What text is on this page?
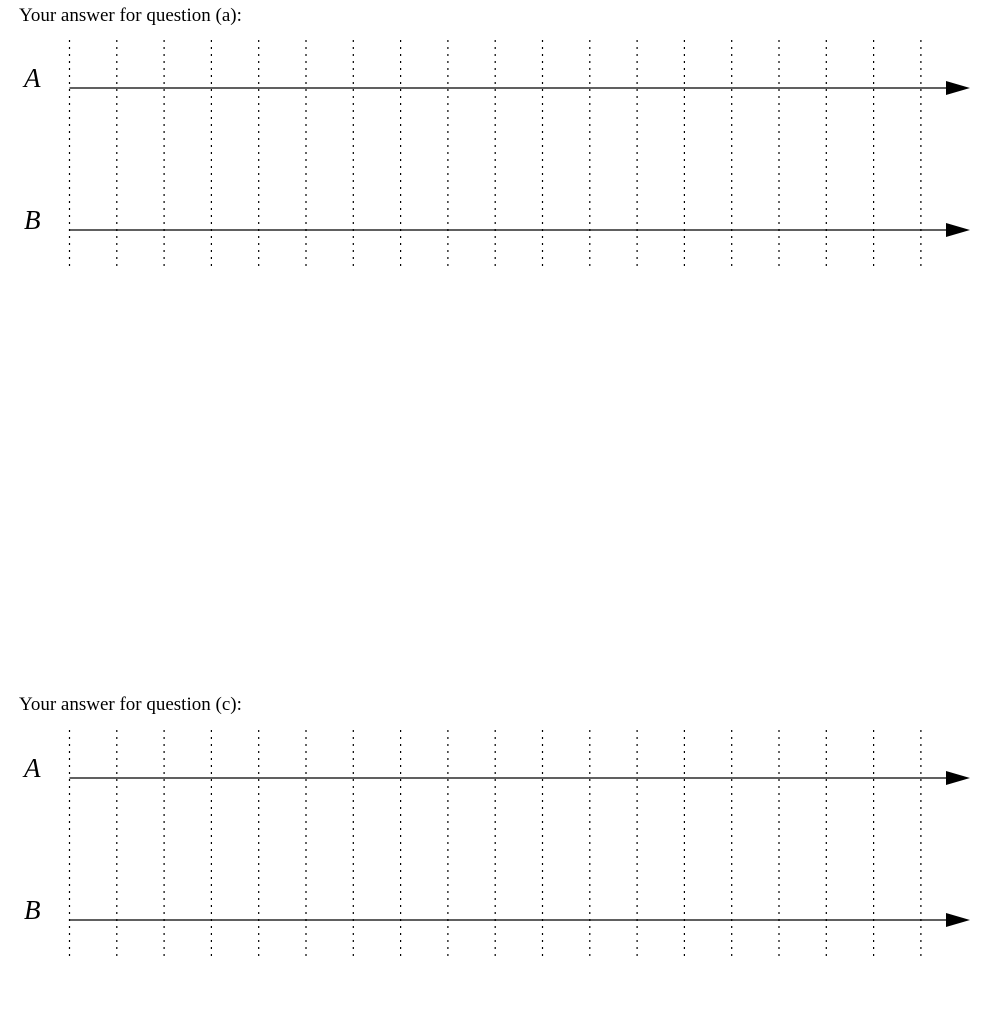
Your answer for question (a):
A
B
Your answer for question (c):
A
B
